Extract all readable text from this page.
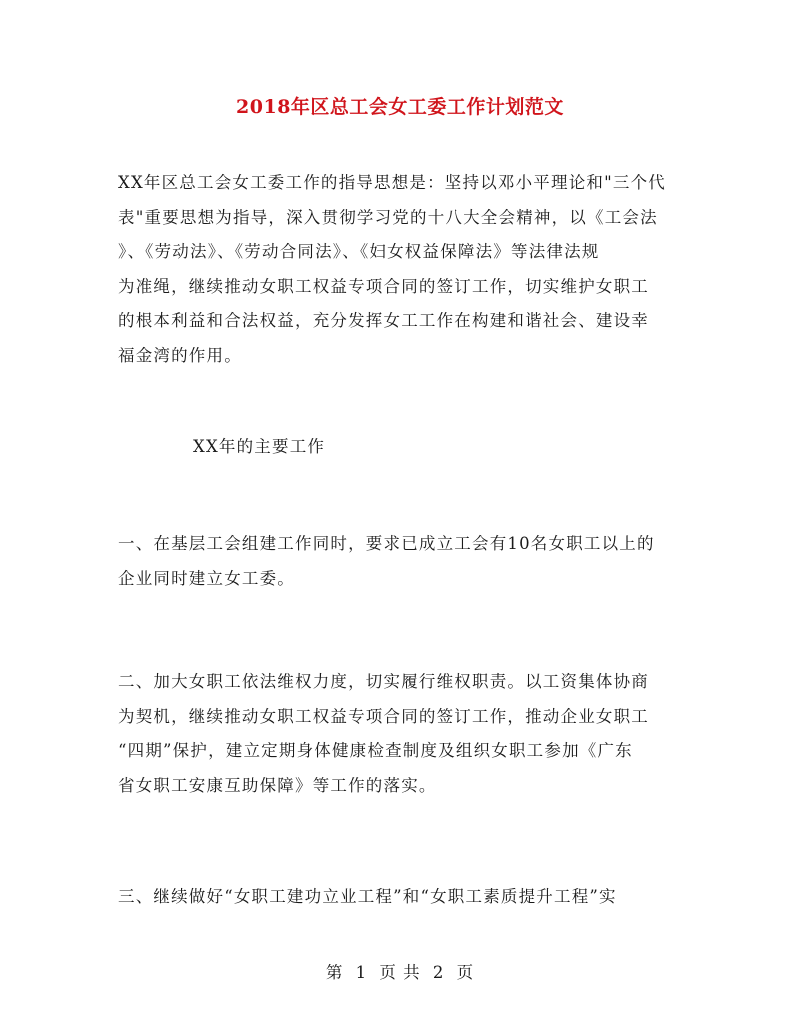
2018年区总工会女工委工作计划范文

XX年区总工会女工委工作的指导思想是：坚持以邓小平理论和"三个代
表"重要思想为指导，深入贯彻学习党的十八大全会精神，以《工会法
》、《劳动法》、《劳动合同法》、《妇女权益保障法》等法律法规
为准绳，继续推动女职工权益专项合同的签订工作，切实维护女职工
的根本利益和合法权益，充分发挥女工工作在构建和谐社会、建设幸
福金湾的作用。

XX年的主要工作

一、在基层工会组建工作同时，要求已成立工会有10名女职工以上的
企业同时建立女工委。

二、加大女职工依法维权力度，切实履行维权职责。以工资集体协商
为契机，继续推动女职工权益专项合同的签订工作，推动企业女职工
“四期”保护，建立定期身体健康检查制度及组织女职工参加《广东
省女职工安康互助保障》等工作的落实。

三、继续做好“女职工建功立业工程”和“女职工素质提升工程”实

第 1 页 共 2 页
